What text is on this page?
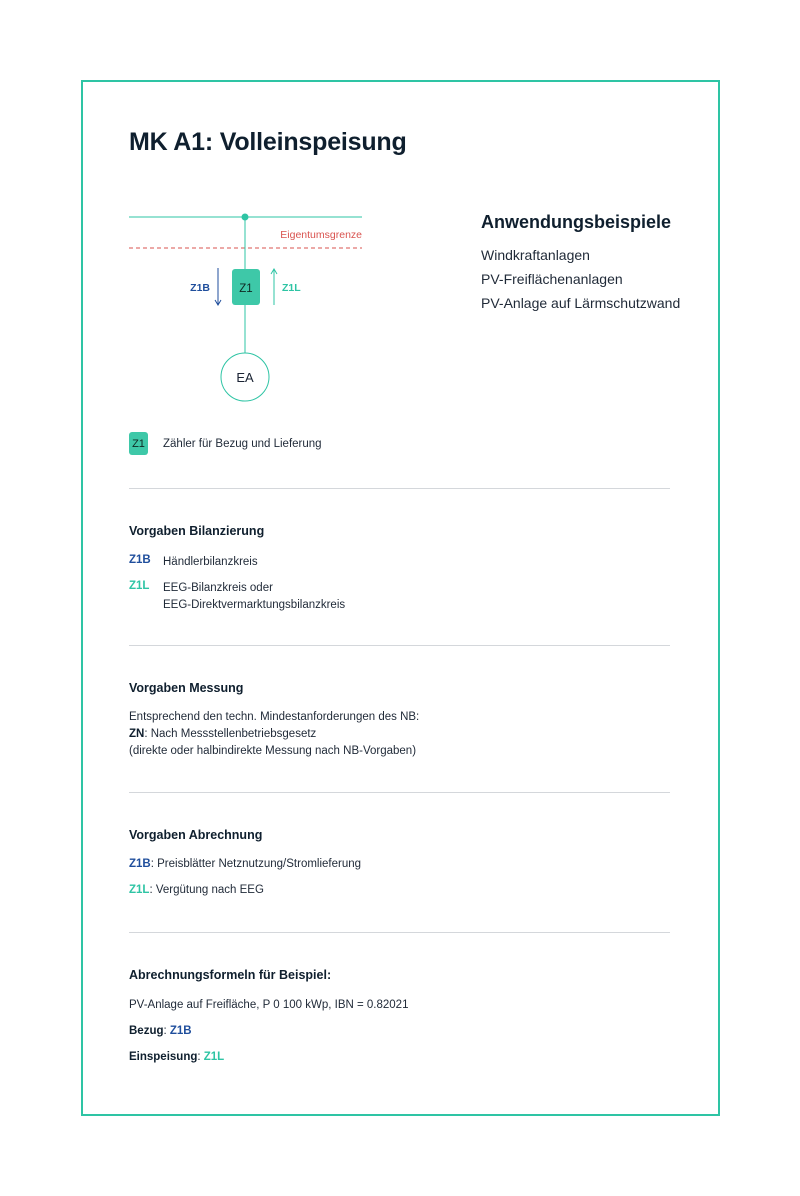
MK A1: Volleinspeisung
Eigentumsgrenze
Z1
Z1B	Z1L
EA
Anwendungsbeispiele
Windkraftanlagen
PV-Freiflächenanlagen
PV-Anlage auf Lärmschutzwand
Z1 Zähler für Bezug und Lieferung
Vorgaben Bilanzierung
Z1B	Händlerbilanzkreis
Z1L	EEG-Bilanzkreis oder
EEG-Direktvermarktungsbilanzkreis
Vorgaben Messung
Entsprechend den techn. Mindestanforderungen des NB:
ZN: Nach Messstellenbetriebsgesetz
(direkte oder halbindirekte Messung nach NB-Vorgaben)
Vorgaben Abrechnung
Z1B: Preisblätter Netznutzung/Stromlieferung
Z1L: Vergütung nach EEG
Abrechnungsformeln für Beispiel:
PV-Anlage auf Freifläche, P 0 100 kWp, IBN = 0.82021
Bezug: Z1B
Einspeisung: Z1L
